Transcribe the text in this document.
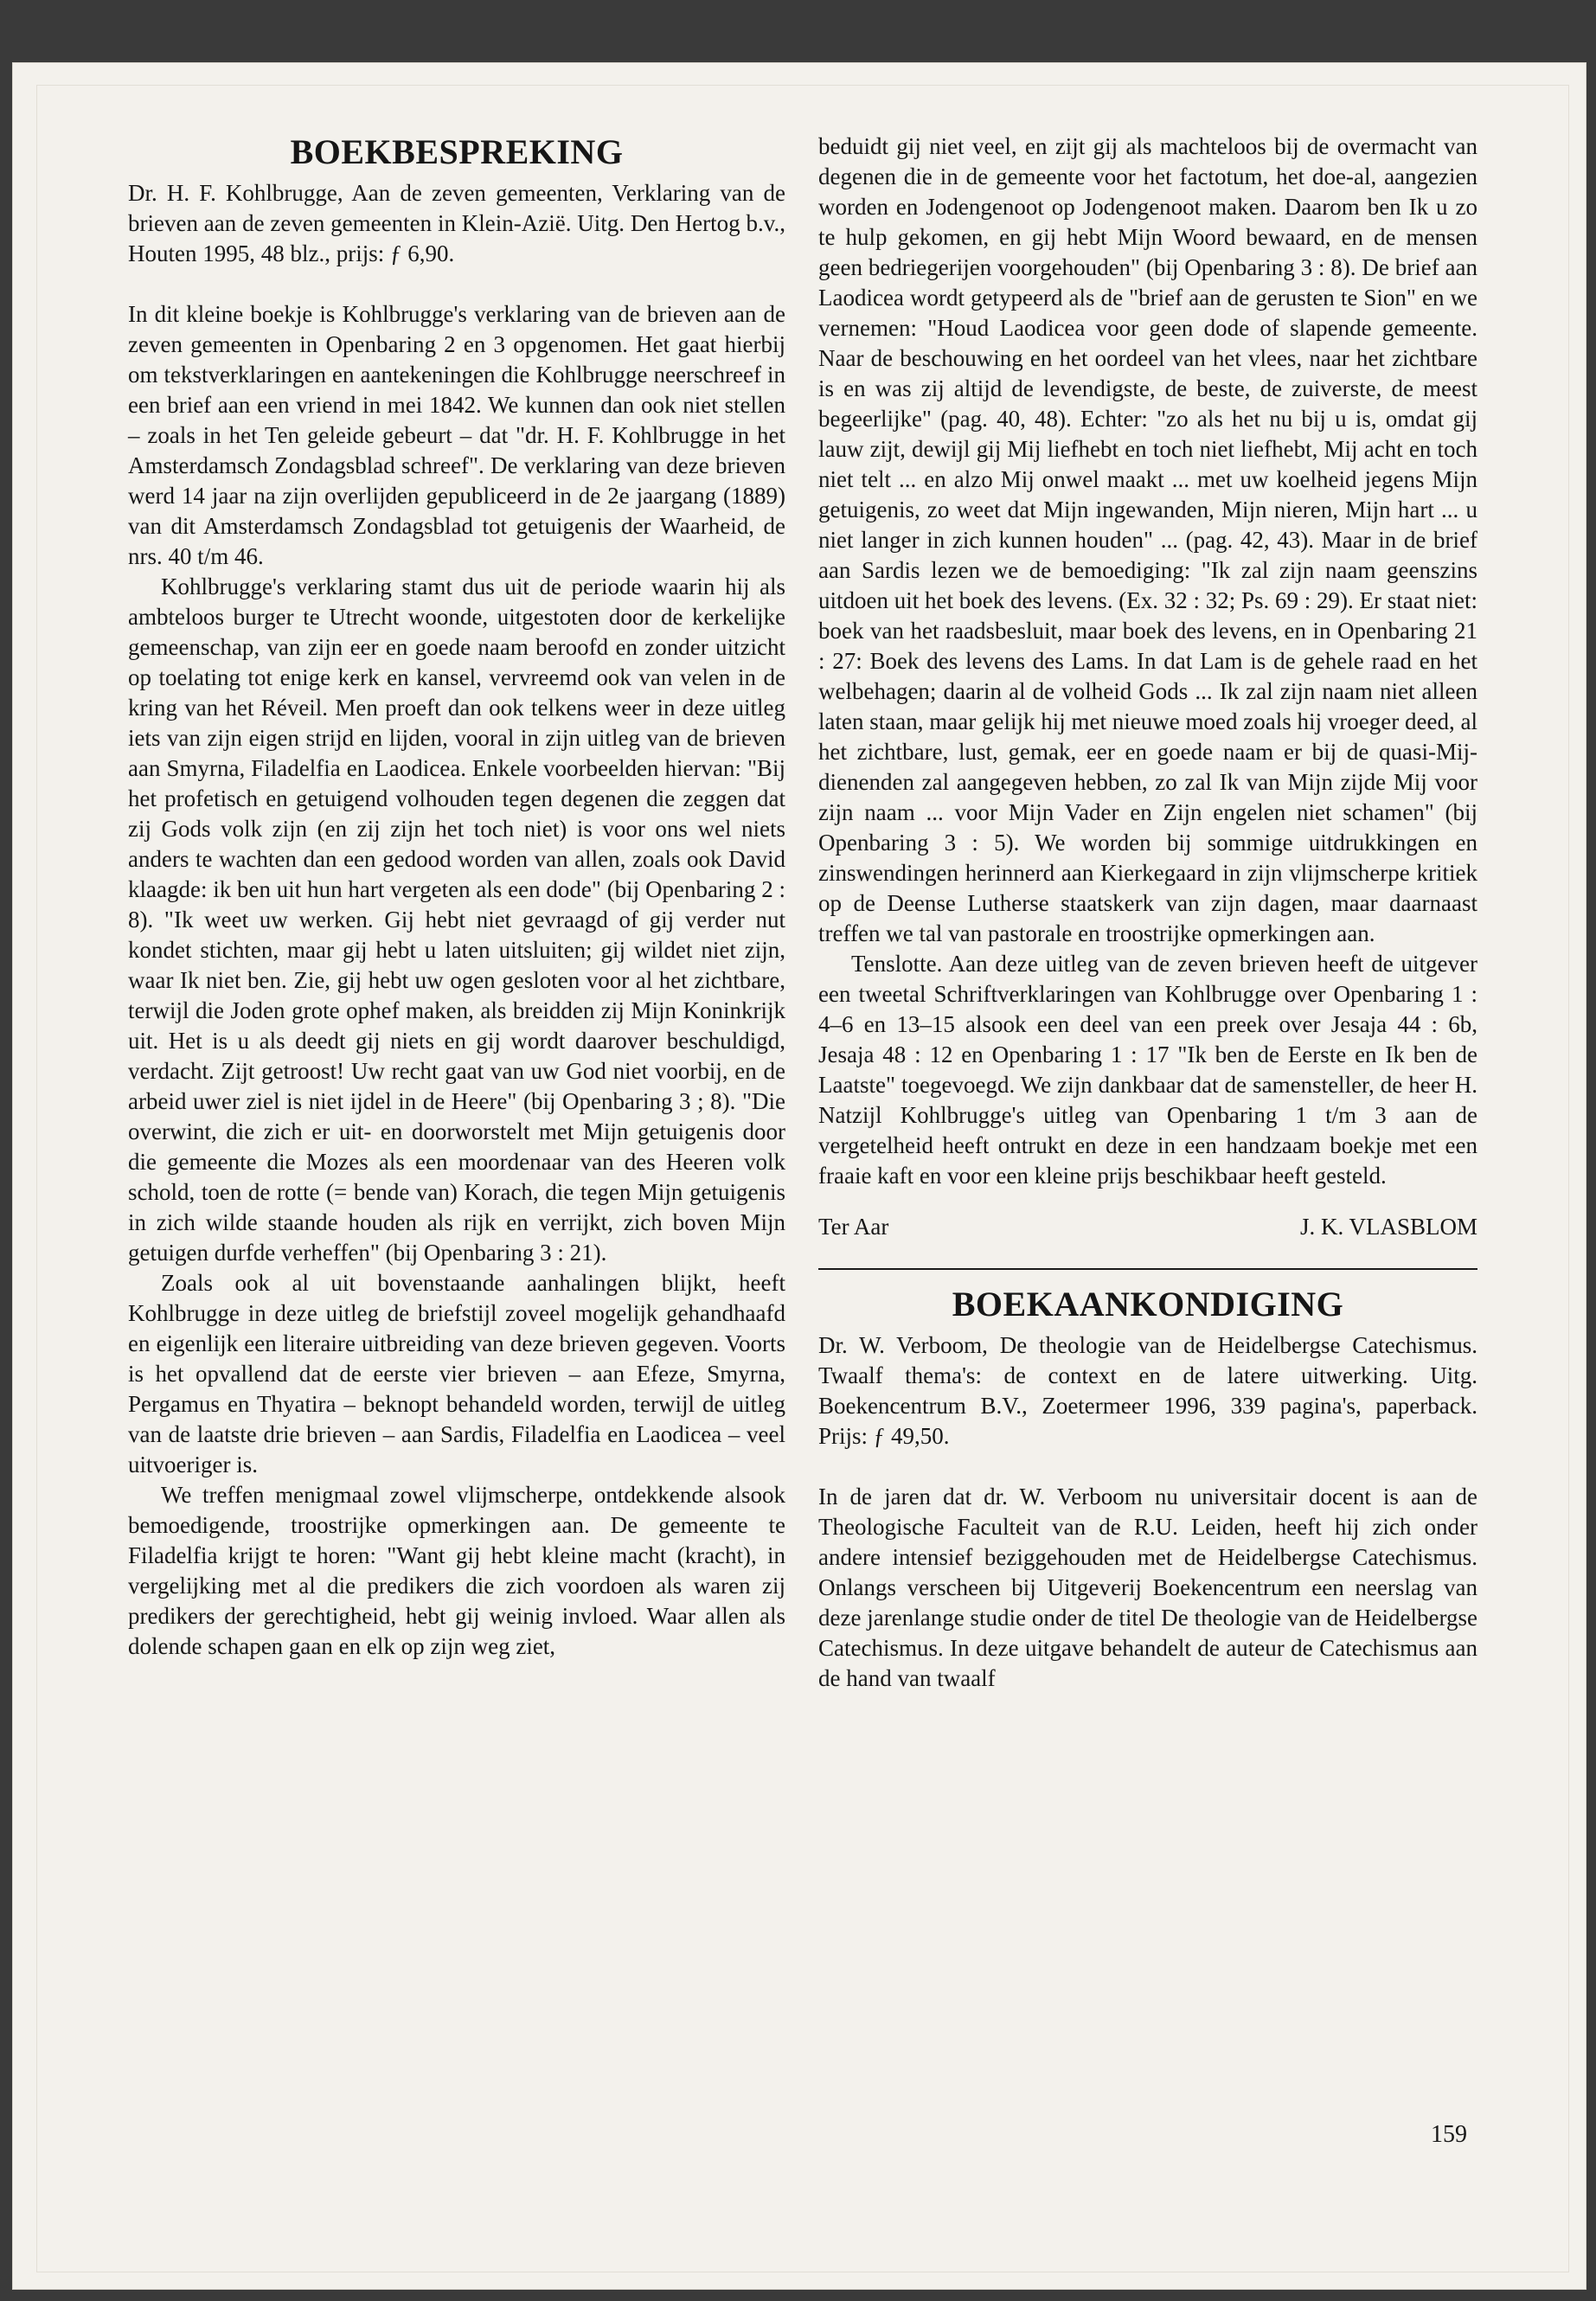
BOEKBESPREKING

Dr. H. F. Kohlbrugge, Aan de zeven gemeenten, Verklaring van de brieven aan de zeven gemeenten in Klein-Azië. Uitg. Den Hertog b.v., Houten 1995, 48 blz., prijs: ƒ 6,90.

In dit kleine boekje is Kohlbrugge's verklaring van de brieven aan de zeven gemeenten in Openbaring 2 en 3 opgenomen. Het gaat hierbij om tekstverklaringen en aantekeningen die Kohlbrugge neerschreef in een brief aan een vriend in mei 1842. We kunnen dan ook niet stellen – zoals in het Ten geleide gebeurt – dat "dr. H. F. Kohlbrugge in het Amsterdamsch Zondagsblad schreef". De verklaring van deze brieven werd 14 jaar na zijn overlijden gepubliceerd in de 2e jaargang (1889) van dit Amsterdamsch Zondagsblad tot getuigenis der Waarheid, de nrs. 40 t/m 46.

Kohlbrugge's verklaring stamt dus uit de periode waarin hij als ambteloos burger te Utrecht woonde, uitgestoten door de kerkelijke gemeenschap, van zijn eer en goede naam beroofd en zonder uitzicht op toelating tot enige kerk en kansel, vervreemd ook van velen in de kring van het Réveil. Men proeft dan ook telkens weer in deze uitleg iets van zijn eigen strijd en lijden, vooral in zijn uitleg van de brieven aan Smyrna, Filadelfia en Laodicea. Enkele voorbeelden hiervan: "Bij het profetisch en getuigend volhouden tegen degenen die zeggen dat zij Gods volk zijn (en zij zijn het toch niet) is voor ons wel niets anders te wachten dan een gedood worden van allen, zoals ook David klaagde: ik ben uit hun hart vergeten als een dode" (bij Openbaring 2 : 8). "Ik weet uw werken. Gij hebt niet gevraagd of gij verder nut kondet stichten, maar gij hebt u laten uitsluiten; gij wildet niet zijn, waar Ik niet ben. Zie, gij hebt uw ogen gesloten voor al het zichtbare, terwijl die Joden grote ophef maken, als breidden zij Mijn Koninkrijk uit. Het is u als deedt gij niets en gij wordt daarover beschuldigd, verdacht. Zijt getroost! Uw recht gaat van uw God niet voorbij, en de arbeid uwer ziel is niet ijdel in de Heere" (bij Openbaring 3 ; 8). "Die overwint, die zich er uit- en doorworstelt met Mijn getuigenis door die gemeente die Mozes als een moordenaar van des Heeren volk schold, toen de rotte (= bende van) Korach, die tegen Mijn getuigenis in zich wilde staande houden als rijk en verrijkt, zich boven Mijn getuigen durfde verheffen" (bij Openbaring 3 : 21).

Zoals ook al uit bovenstaande aanhalingen blijkt, heeft Kohlbrugge in deze uitleg de briefstijl zoveel mogelijk gehandhaafd en eigenlijk een literaire uitbreiding van deze brieven gegeven. Voorts is het opvallend dat de eerste vier brieven – aan Efeze, Smyrna, Pergamus en Thyatira – beknopt behandeld worden, terwijl de uitleg van de laatste drie brieven – aan Sardis, Filadelfia en Laodicea – veel uitvoeriger is.

We treffen menigmaal zowel vlijmscherpe, ontdekkende alsook bemoedigende, troostrijke opmerkingen aan. De gemeente te Filadelfia krijgt te horen: "Want gij hebt kleine macht (kracht), in vergelijking met al die predikers die zich voordoen als waren zij predikers der gerechtigheid, hebt gij weinig invloed. Waar allen als dolende schapen gaan en elk op zijn weg ziet,

beduidt gij niet veel, en zijt gij als machteloos bij de overmacht van degenen die in de gemeente voor het factotum, het doe-al, aangezien worden en Jodengenoot op Jodengenoot maken. Daarom ben Ik u zo te hulp gekomen, en gij hebt Mijn Woord bewaard, en de mensen geen bedriegerijen voorgehouden" (bij Openbaring 3 : 8). De brief aan Laodicea wordt getypeerd als de "brief aan de gerusten te Sion" en we vernemen: "Houd Laodicea voor geen dode of slapende gemeente. Naar de beschouwing en het oordeel van het vlees, naar het zichtbare is en was zij altijd de levendigste, de beste, de zuiverste, de meest begeerlijke" (pag. 40, 48). Echter: "zo als het nu bij u is, omdat gij lauw zijt, dewijl gij Mij liefhebt en toch niet liefhebt, Mij acht en toch niet telt ... en alzo Mij onwel maakt ... met uw koelheid jegens Mijn getuigenis, zo weet dat Mijn ingewanden, Mijn nieren, Mijn hart ... u niet langer in zich kunnen houden" ... (pag. 42, 43). Maar in de brief aan Sardis lezen we de bemoediging: "Ik zal zijn naam geenszins uitdoen uit het boek des levens. (Ex. 32 : 32; Ps. 69 : 29). Er staat niet: boek van het raadsbesluit, maar boek des levens, en in Openbaring 21 : 27: Boek des levens des Lams. In dat Lam is de gehele raad en het welbehagen; daarin al de volheid Gods ... Ik zal zijn naam niet alleen laten staan, maar gelijk hij met nieuwe moed zoals hij vroeger deed, al het zichtbare, lust, gemak, eer en goede naam er bij de quasi-Mij-dienenden zal aangegeven hebben, zo zal Ik van Mijn zijde Mij voor zijn naam ... voor Mijn Vader en Zijn engelen niet schamen" (bij Openbaring 3 : 5). We worden bij sommige uitdrukkingen en zinswendingen herinnerd aan Kierkegaard in zijn vlijmscherpe kritiek op de Deense Lutherse staatskerk van zijn dagen, maar daarnaast treffen we tal van pastorale en troostrijke opmerkingen aan.

Tenslotte. Aan deze uitleg van de zeven brieven heeft de uitgever een tweetal Schriftverklaringen van Kohlbrugge over Openbaring 1 : 4–6 en 13–15 alsook een deel van een preek over Jesaja 44 : 6b, Jesaja 48 : 12 en Openbaring 1 : 17 "Ik ben de Eerste en Ik ben de Laatste" toegevoegd. We zijn dankbaar dat de samensteller, de heer H. Natzijl Kohlbrugge's uitleg van Openbaring 1 t/m 3 aan de vergetelheid heeft ontrukt en deze in een handzaam boekje met een fraaie kaft en voor een kleine prijs beschikbaar heeft gesteld.

Ter Aar	J. K. VLASBLOM
BOEKAANKONDIGING

Dr. W. Verboom, De theologie van de Heidelbergse Catechismus. Twaalf thema's: de context en de latere uitwerking. Uitg. Boekencentrum B.V., Zoetermeer 1996, 339 pagina's, paperback. Prijs: ƒ 49,50.

In de jaren dat dr. W. Verboom nu universitair docent is aan de Theologische Faculteit van de R.U. Leiden, heeft hij zich onder andere intensief beziggehouden met de Heidelbergse Catechismus. Onlangs verscheen bij Uitgeverij Boekencentrum een neerslag van deze jarenlange studie onder de titel De theologie van de Heidelbergse Catechismus. In deze uitgave behandelt de auteur de Catechismus aan de hand van twaalf

159
